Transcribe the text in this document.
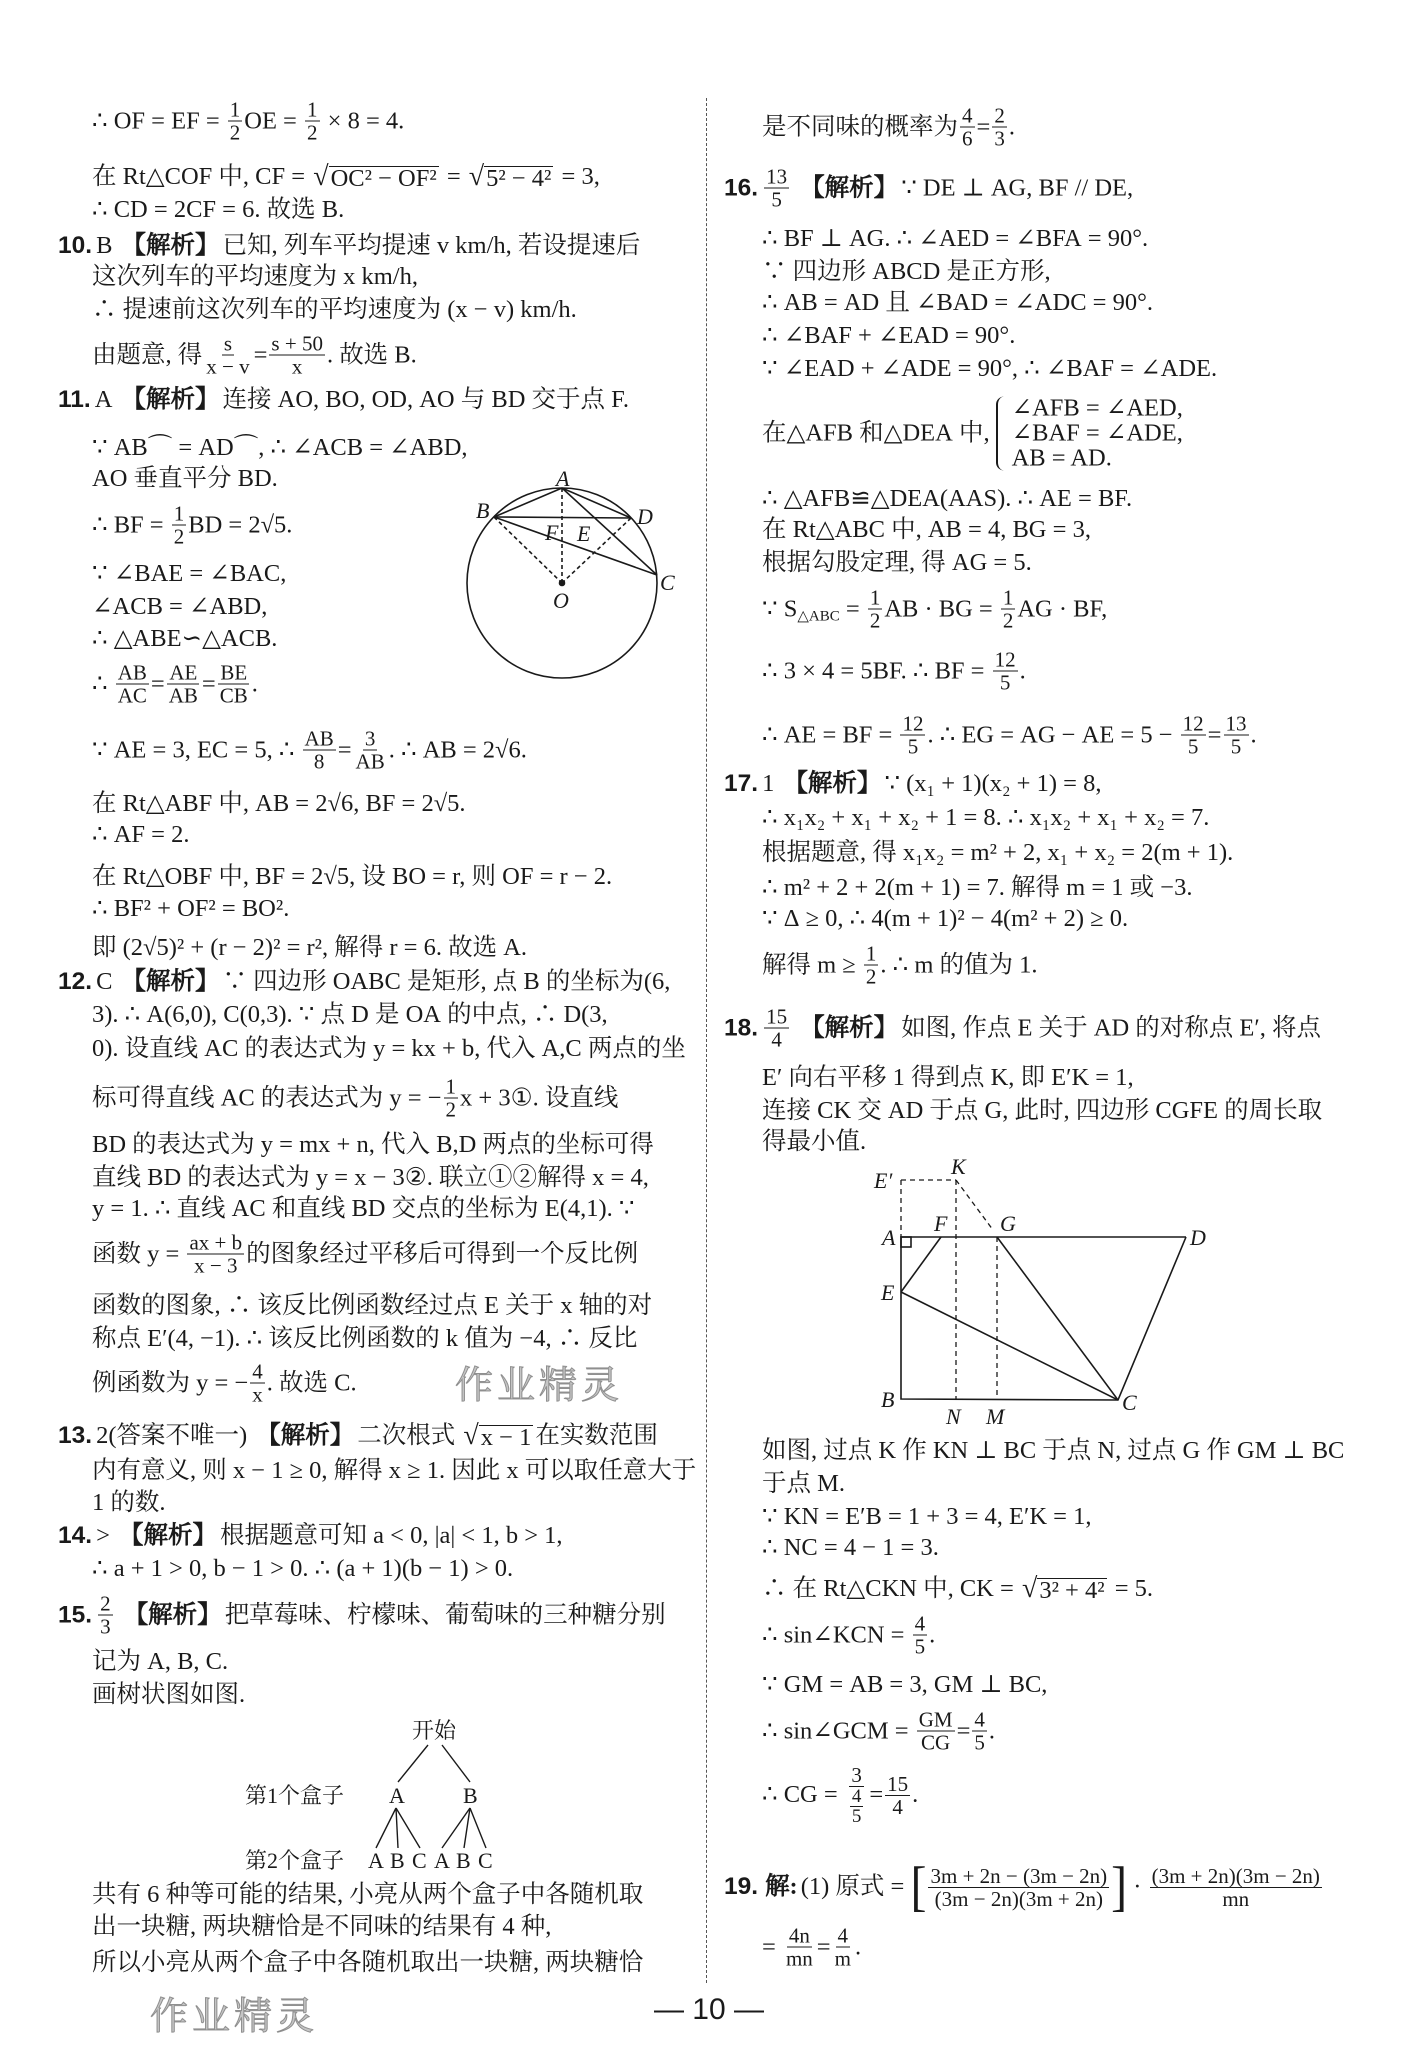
∴ OF = EF = $\frac{1}{2}$ OE = $\frac{1}{2} \times 8 = 4$.
在 Rt△COF 中, CF = √ OC² − OF² = √ 5² − 4² = 3,
∴ CD = 2CF = 6. 故选 B.
10. B 【解析】 已知, 列车平均提速 v km/h, 若设提速后
这次列车的平均速度为 x km/h,
∴ 提速前这次列车的平均速度为 (x − v) km/h.
由题意, 得 $\frac{s}{x - v} = \frac{s + 50}{x}$ . 故选 B.
11. A 【解析】 连接 AO, BO, OD, AO 与 BD 交于点 F.
∵ AB⌒ = AD⌒, ∴ ∠ACB = ∠ABD,
AO 垂直平分 BD.
∴ BF = $\frac{1}{2}$ BD = 2√5.
∵ ∠BAE = ∠BAC,
∠ACB = ∠ABD,
∴ △ABE∽△ACB.
∴ $\frac{AB}{AC} = \frac{AE}{AB} = \frac{BE}{CB}$ .
∵ AE = 3, EC = 5, ∴ $\frac{AB}{8} = \frac{3}{AB}$ . ∴ AB = 2√6.
在 Rt△ABF 中, AB = 2√6, BF = 2√5.
∴ AF = 2.
在 Rt△OBF 中, BF = 2√5, 设 BO = r, 则 OF = r − 2.
∴ BF² + OF² = BO².
即 (2√5)² + (r − 2)² = r², 解得 r = 6. 故选 A.
12. C 【解析】 ∵ 四边形 OABC 是矩形, 点 B 的坐标为(6,
3). ∴ A(6,0), C(0,3). ∵ 点 D 是 OA 的中点, ∴ D(3,
0). 设直线 AC 的表达式为 y = kx + b, 代入 A,C 两点的坐
标可得直线 AC 的表达式为 y = − $\frac{1}{2}$ x + 3①. 设直线
BD 的表达式为 y = mx + n, 代入 B,D 两点的坐标可得
直线 BD 的表达式为 y = x − 3②. 联立①②解得 x = 4,
y = 1. ∴ 直线 AC 和直线 BD 交点的坐标为 E(4,1). ∵
函数 $y = \frac{ax + b}{x - 3}$ 的图象经过平移后可得到一个反比例
函数的图象, ∴ 该反比例函数经过点 E 关于 x 轴的对
称点 E′(4, −1). ∴ 该反比例函数的 k 值为 −4, ∴ 反比
例函数为 y = − $\frac{4}{x}$ . 故选 C.
13. 2(答案不唯一) 【解析】 二次根式 √ x − 1 在实数范围
内有意义, 则 x − 1 ≥ 0, 解得 x ≥ 1. 因此 x 可以取任意大于
1 的数.
14. > 【解析】 根据题意可知 a < 0, |a| < 1, b > 1,
∴ a + 1 > 0, b − 1 > 0. ∴ (a + 1)(b − 1) > 0.
15. $\frac{2}{3}$
【解析】 把草莓味、柠檬味、葡萄味的三种糖分别
记为 A, B, C.
画树状图如图.
共有 6 种等可能的结果, 小亮从两个盒子中各随机取
出一块糖, 两块糖恰是不同味的结果有 4 种,
所以小亮从两个盒子中各随机取出一块糖, 两块糖恰
是不同味的概率为 $\frac{4}{6} = \frac{2}{3}$ .
16. $\frac{13}{5}$
【解析】 ∵ DE ⊥ AG, BF // DE,
∴ BF ⊥ AG. ∴ ∠AED = ∠BFA = 90°.
∵ 四边形 ABCD 是正方形,
∴ AB = AD 且 ∠BAD = ∠ADC = 90°.
∴ ∠BAF + ∠EAD = 90°.
∵ ∠EAD + ∠ADE = 90°, ∴ ∠BAF = ∠ADE.
在△AFB 和△DEA 中,
∠AFB = ∠AED,
∠BAF = ∠ADE,
AB = AD.
∴ △AFB≌△DEA(AAS). ∴ AE = BF.
在 Rt△ABC 中, AB = 4, BG = 3,
根据勾股定理, 得 AG = 5.
∵ S △ABC = $\frac{1}{2}$ AB · BG = $\frac{1}{2}$ AG · BF,
∴ 3 × 4 = 5BF. ∴ BF = $\frac{12}{5}$ .
∴ AE = BF = $\frac{12}{5}$ . ∴ EG = AG − AE = $5 - \frac{12}{5} = \frac{13}{5}$ .
17. 1 【解析】 ∵ (x₁ + 1)(x₂ + 1) = 8,
∴ x₁x₂ + x₁ + x₂ + 1 = 8. ∴ x₁x₂ + x₁ + x₂ = 7.
根据题意, 得 x₁x₂ = m² + 2, x₁ + x₂ = 2(m + 1).
∴ m² + 2 + 2(m + 1) = 7. 解得 m = 1 或 −3.
∵ Δ ≥ 0, ∴ 4(m + 1)² − 4(m² + 2) ≥ 0.
解得 $m \ge \frac{1}{2}$ . ∴ m 的值为 1.
18. $\frac{15}{4}$
【解析】 如图, 作点 E 关于 AD 的对称点 E′, 将点
E′ 向右平移 1 得到点 K, 即 E′K = 1,
连接 CK 交 AD 于点 G, 此时, 四边形 CGFE 的周长取
得最小值.
如图, 过点 K 作 KN ⊥ BC 于点 N, 过点 G 作 GM ⊥ BC
于点 M.
∵ KN = E′B = 1 + 3 = 4, E′K = 1,
∴ NC = 4 − 1 = 3.
∴ 在 Rt△CKN 中, CK = √ 3² + 4² = 5.
∴ sin∠KCN = $\frac{4}{5}$ .
∵ GM = AB = 3, GM ⊥ BC,
∴ sin∠GCM = $\frac{GM}{CG} = \frac{4}{5}$ .
∴ CG = $\frac{3}{\frac{4}{5}} = \frac{15}{4}$ .
19. 解: (1) 原式 = [ $\frac{3m + 2n - (3m - 2n)}{(3m - 2n)(3m + 2n)}$ ] · $\frac{(3m + 2n)(3m - 2n)}{mn}$
= $\frac{4n}{mn} = \frac{4}{m}$ .
A
B	D
C
O
F E
开始
第1个盒子 A	B
第2个盒子 A B C A B C
E′
K
A
F G
D
E
B
N M
C
作业精灵
作业精灵	— 10 —
